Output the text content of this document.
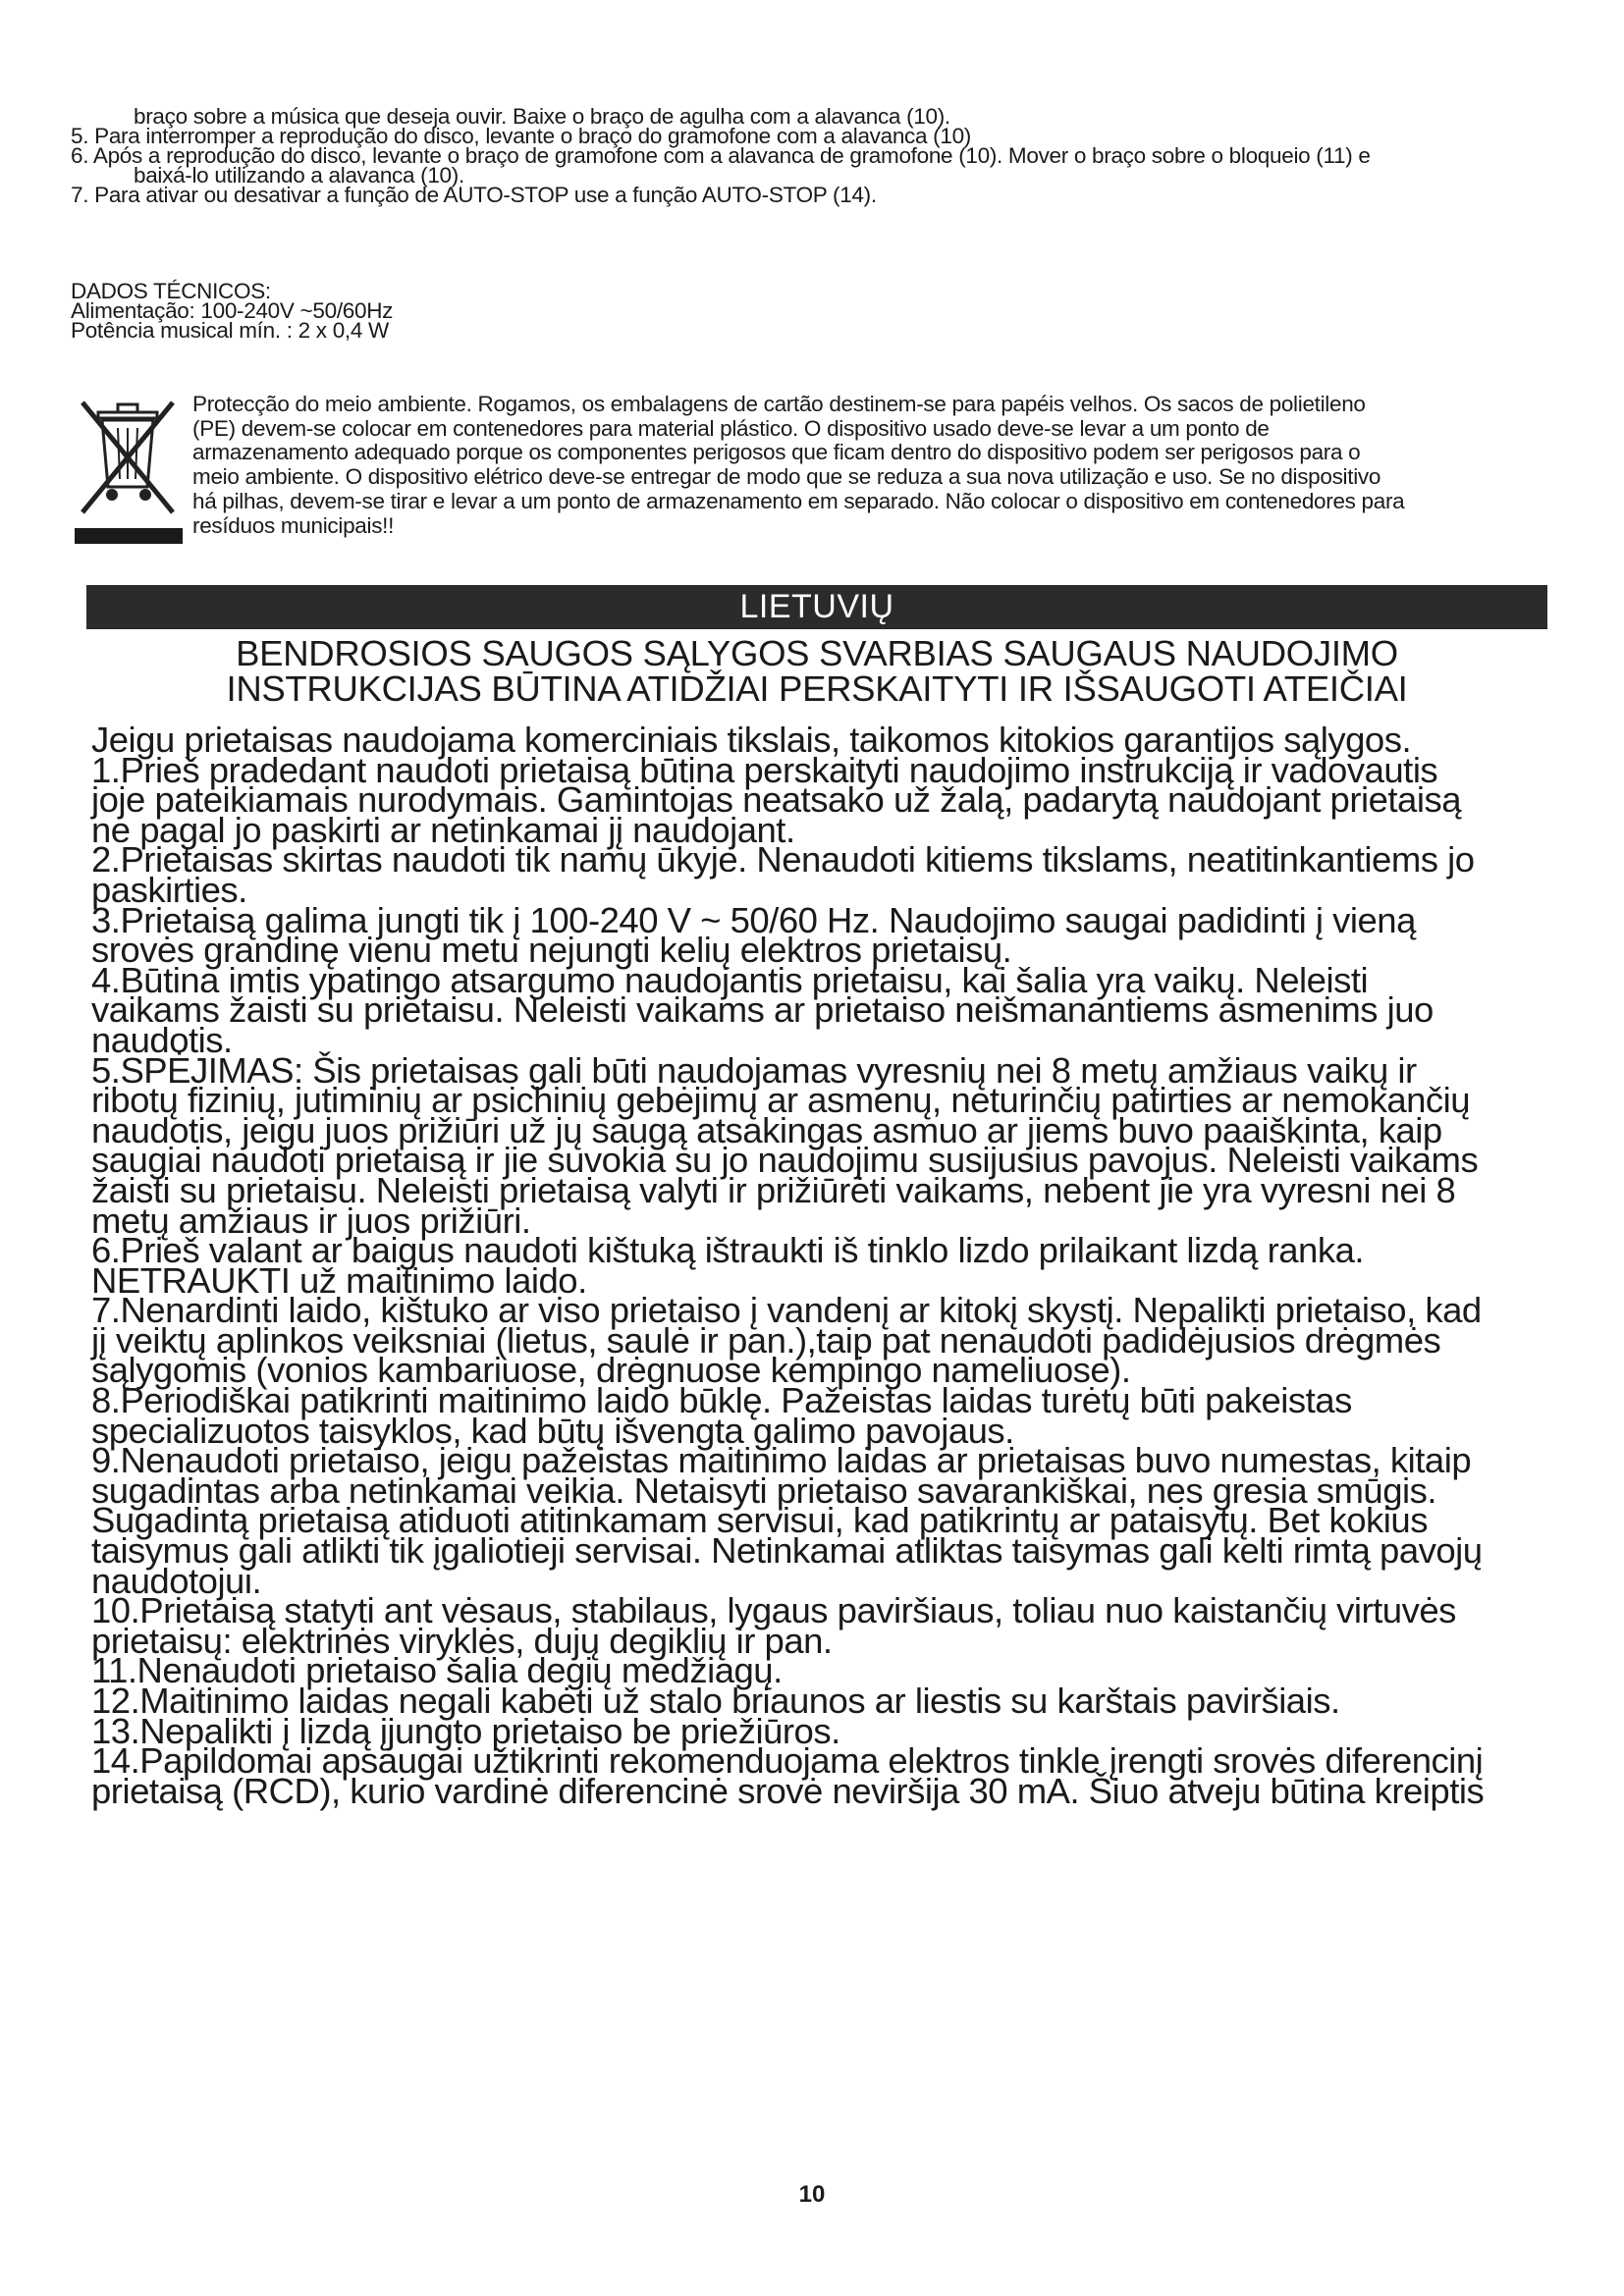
braço sobre a música que deseja ouvir. Baixe o braço de agulha com a alavanca (10).

5. Para interromper a reprodução do disco, levante o braço do gramofone com a alavanca (10)

6. Após a reprodução do disco, levante o braço de gramofone com a alavanca de gramofone (10). Mover o braço sobre o bloqueio (11) e

baixá-lo utilizando a alavanca (10).

7. Para ativar ou desativar a função de AUTO-STOP use a função AUTO-STOP (14).

DADOS TÉCNICOS:

Alimentação: 100-240V ~50/60Hz

Potência musical mín. : 2 x 0,4 W

Protecção do meio ambiente. Rogamos, os embalagens de cartão destinem-se para papéis velhos. Os sacos de polietileno

(PE) devem-se colocar em contenedores para material plástico. O dispositivo usado deve-se levar a um ponto de

armazenamento adequado porque os componentes perigosos que ficam dentro do dispositivo podem ser perigosos para o

meio ambiente. O dispositivo elétrico deve-se entregar de modo que se reduza a sua nova utilização e uso. Se no dispositivo

há pilhas, devem-se tirar e levar a um ponto de armazenamento em separado. Não colocar o dispositivo em contenedores para

resíduos municipais!!

LIETUVIŲ

BENDROSIOS SAUGOS SĄLYGOS SVARBIAS SAUGAUS NAUDOJIMO

INSTRUKCIJAS BŪTINA ATIDŽIAI PERSKAITYTI IR IŠSAUGOTI ATEIČIAI

Jeigu prietaisas naudojama komerciniais tikslais, taikomos kitokios garantijos sąlygos.

1.Prieš pradedant naudoti prietaisą būtina perskaityti naudojimo instrukciją ir vadovautis

joje pateikiamais nurodymais. Gamintojas neatsako už žalą, padarytą naudojant prietaisą

ne pagal jo paskirti ar netinkamai jį naudojant.

2.Prietaisas skirtas naudoti tik namų ūkyje. Nenaudoti kitiems tikslams, neatitinkantiems jo

paskirties.

3.Prietaisą galima jungti tik į 100-240 V ~ 50/60 Hz. Naudojimo saugai padidinti į vieną

srovės grandinę vienu metu nejungti kelių elektros prietaisų.

4.Būtina imtis ypatingo atsargumo naudojantis prietaisu, kai šalia yra vaikų. Neleisti

vaikams žaisti su prietaisu. Neleisti vaikams ar prietaiso neišmanantiems asmenims juo

naudotis.

5.SPĖJIMAS: Šis prietaisas gali būti naudojamas vyresnių nei 8 metų amžiaus vaikų ir

ribotų fizinių, jutiminių ar psichinių gebėjimų ar asmenų, neturinčių patirties ar nemokančių

naudotis, jeigu juos prižiūri už jų saugą atsakingas asmuo ar jiems buvo paaiškinta, kaip

saugiai naudoti prietaisą ir jie suvokia su jo naudojimu susijusius pavojus. Neleisti vaikams

žaisti su prietaisu. Neleisti prietaisą valyti ir prižiūrėti vaikams, nebent jie yra vyresni nei 8

metų amžiaus ir juos prižiūri.

6.Prieš valant ar baigus naudoti kištuką ištraukti iš tinklo lizdo prilaikant lizdą ranka.

NETRAUKTI už maitinimo laido.

7.Nenardinti laido, kištuko ar viso prietaiso į vandenį ar kitokį skystį. Nepalikti prietaiso, kad

jį veiktų aplinkos veiksniai (lietus, saulė ir pan.),taip pat nenaudoti padidėjusios drėgmės

sąlygomis (vonios kambariuose, drėgnuose kempingo nameliuose).

8.Periodiškai patikrinti maitinimo laido būklę. Pažeistas laidas turėtų būti pakeistas

specializuotos taisyklos, kad būtų išvengta galimo pavojaus.

9.Nenaudoti prietaiso, jeigu pažeistas maitinimo laidas ar prietaisas buvo numestas, kitaip

sugadintas arba netinkamai veikia. Netaisyti prietaiso savarankiškai, nes gresia smūgis.

Sugadintą prietaisą atiduoti atitinkamam servisui, kad patikrintų ar pataisytų. Bet kokius

taisymus gali atlikti tik įgaliotieji servisai. Netinkamai atliktas taisymas gali kelti rimtą pavojų

naudotojui.

10.Prietaisą statyti ant vėsaus, stabilaus, lygaus paviršiaus, toliau nuo kaistančių virtuvės

prietaisų: elektrinės viryklės, dujų degiklių ir pan.

11.Nenaudoti prietaiso šalia degių medžiagų.

12.Maitinimo laidas negali kabėti už stalo briaunos ar liestis su karštais paviršiais.

13.Nepalikti į lizdą įjungto prietaiso be priežiūros.

14.Papildomai apsaugai užtikrinti rekomenduojama elektros tinkle įrengti srovės diferencinį

prietaisą (RCD), kurio vardinė diferencinė srovė neviršija 30 mA. Šiuo atveju būtina kreiptis

10
